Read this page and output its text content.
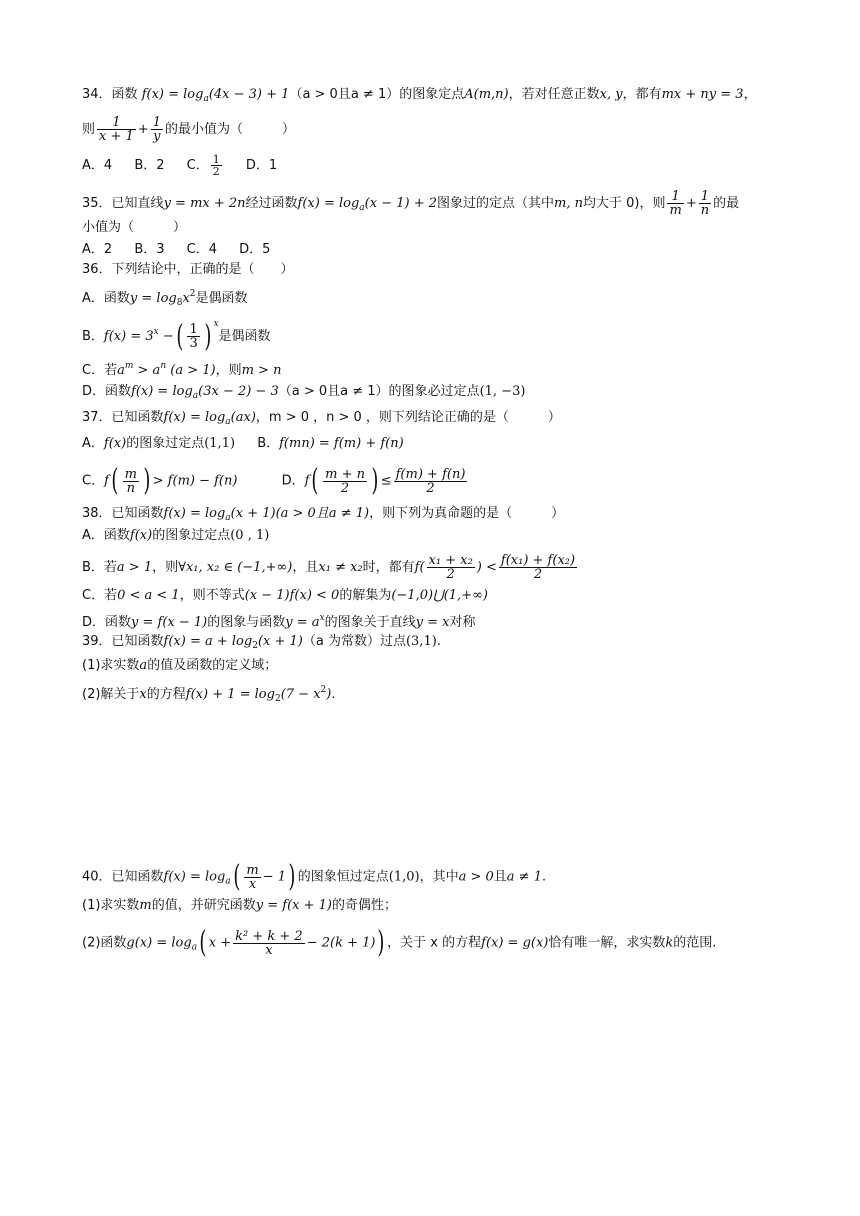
34．函数 $f(x) = \log_a(4x - 3) + 1(a > 0$且a ≠ 1）的图象定点A(m,n)，若对任意正数x, y，都有mx + ny = 3，
则 $\frac{1}{x + 1} + \frac{1}{y}$ 的最小值为（　　　）
A．4 B．2 C． $\frac{1}{2}$ D．1
35．已知直线y = mx + 2n经过函数$f(x) = \log_a(x - 1) + 2$图象过的定点（其中m, n均大于 0)，则 $\frac{1}{m} + \frac{1}{n}$ 的最
小值为（　　　）
A．2 B．3 C．4 D．5
36．下列结论中，正确的是（　　）
A．函数$y = \log_8x^2$是偶函数
B．$f(x) = 3^x$ −( $\frac{1}{3}$ ) $^x$是偶函数
C．若$a^m > a^n$ (a > 1)，则m > n
D．函数$f(x) = \log_a(3x - 2) - 3(a > 0$且a ≠ 1）的图象必过定点(1, −3)
37．已知函数$f(x) = \log_a(ax)$，m > 0 ，n > 0 ，则下列结论正确的是（　　　）
A．f(x)的图象过定点(1,1) B．f(mn) = f(m) + f(n)
C．$f( \frac{m}{n}$ ) > f(m) − f(n)	D．$f( \frac{m + n}{2}$ ) ≤ $\frac{f(m) + f(n)}{2}$
38．已知函数$f(x) = \log_a(x + 1)(a > 0$且a ≠ 1)，则下列为真命题的是（　　　）
A．函数f(x)的图象过定点(0 , 1)
B．若a > 1，则∀x₁, x₂ ∈ (−1,+∞)，且x₁ ≠ x₂时，都有$f( \frac{\text{x₁ + x₂}}{2}$ ) < $\frac{\text{f(x₁) + f(x₂)}}{2}$
C．若0 < a < 1，则不等式(x − 1)f(x) < 0的解集为(−1,0)⋃(1,+∞)
D．函数y = f(x − 1)的图象与函数$y = a^x$的图象关于直线y = x对称
39．已知函数$f(x) = a + \log_2(x + 1)(a$ 为常数）过点(3,1).
(1)求实数a的值及函数的定义域；
(2)解关于x的方程$f(x) + 1 = \log_2(7 - x^2)$.
40．已知函数$f(x) = \log_a( \frac{m}{x} - 1)$ 的图象恒过定点(1,0)，其中a > 0且a ≠ 1.
(1)求实数m的值，并研究函数y = f(x + 1)的奇偶性；
(2)函数$g(x) = \log_a$( $x + \frac{\text{k² + k + 2}}{x} - 2(k + 1)$) ，关于 x 的方程f(x) = g(x)恰有唯一解，求实数k的范围.
